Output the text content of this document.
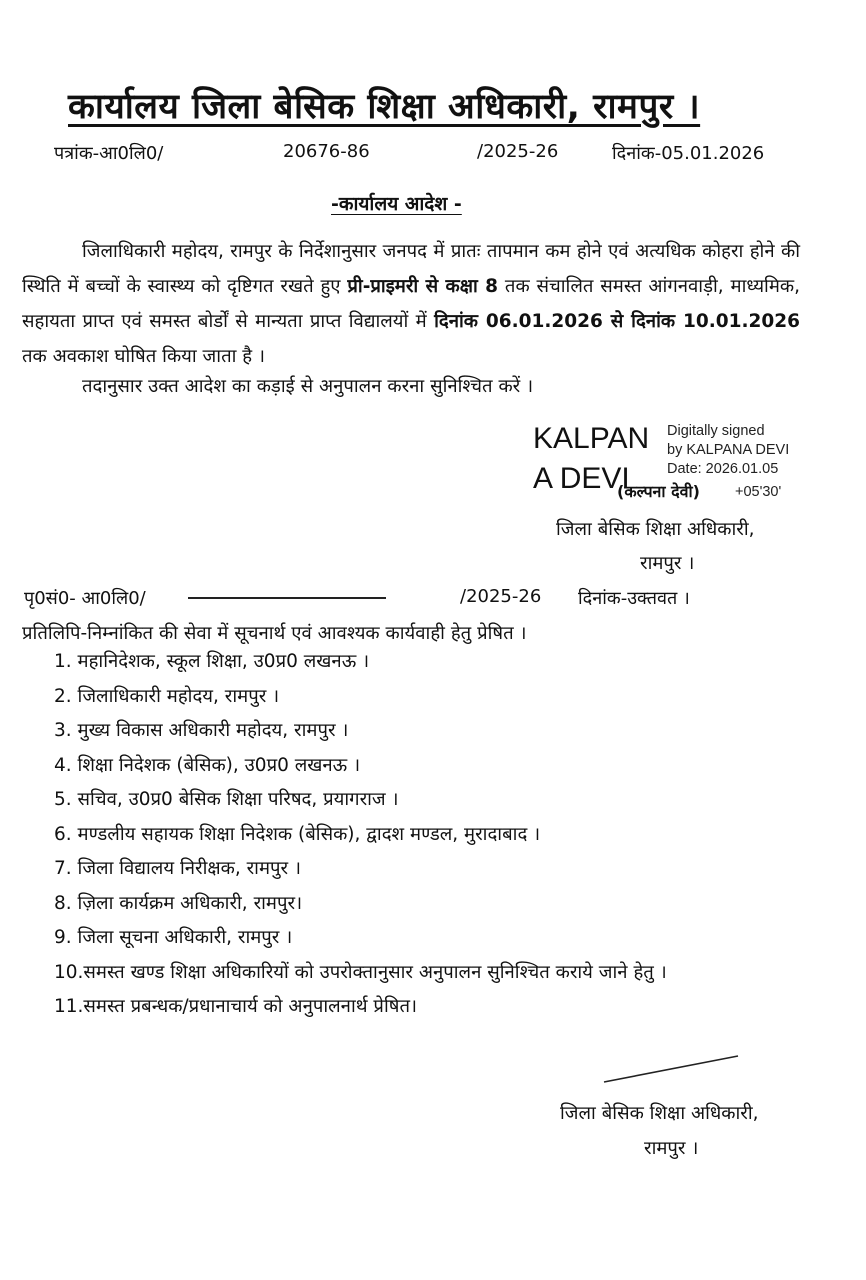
कार्यालय जिला बेसिक शिक्षा अधिकारी, रामपुर ।
पत्रांक-आ0लि0/	20676-86	/2025-26	दिनांक-05.01.2026
-कार्यालय आदेश -
जिलाधिकारी महोदय, रामपुर के निर्देशानुसार जनपद में प्रातः तापमान कम होने एवं अत्यधिक कोहरा होने की स्थिति में बच्चों के स्वास्थ्य को दृष्टिगत रखते हुए प्री-प्राइमरी से कक्षा 8 तक संचालित समस्त आंगनवाड़ी, माध्यमिक, सहायता प्राप्त एवं समस्त बोर्डों से मान्यता प्राप्त विद्यालयों में दिनांक 06.01.2026 से दिनांक 10.01.2026 तक अवकाश घोषित किया जाता है ।
तदानुसार उक्त आदेश का कड़ाई से अनुपालन करना सुनिश्चित करें ।
KALPAN
A DEVI
Digitally signed
by KALPANA DEVI
Date: 2026.01.05
(कल्पना देवी) +05'30'
जिला बेसिक शिक्षा अधिकारी,
रामपुर ।
पृ0सं0- आ0लि0/	/2025-26 दिनांक-उक्तवत ।
प्रतिलिपि-निम्नांकित की सेवा में सूचनार्थ एवं आवश्यक कार्यवाही हेतु प्रेषित ।
1. महानिदेशक, स्कूल शिक्षा, उ0प्र0 लखनऊ ।
2. जिलाधिकारी महोदय, रामपुर ।
3. मुख्य विकास अधिकारी महोदय, रामपुर ।
4. शिक्षा निदेशक (बेसिक), उ0प्र0 लखनऊ ।
5. सचिव, उ0प्र0 बेसिक शिक्षा परिषद, प्रयागराज ।
6. मण्डलीय सहायक शिक्षा निदेशक (बेसिक), द्वादश मण्डल, मुरादाबाद ।
7. जिला विद्यालय निरीक्षक, रामपुर ।
8. ज़िला कार्यक्रम अधिकारी, रामपुर।
9. जिला सूचना अधिकारी, रामपुर ।
10.समस्त खण्ड शिक्षा अधिकारियों को उपरोक्तानुसार अनुपालन सुनिश्चित कराये जाने हेतु ।
11.समस्त प्रबन्धक/प्रधानाचार्य को अनुपालनार्थ प्रेषित।
जिला बेसिक शिक्षा अधिकारी,
रामपुर ।
